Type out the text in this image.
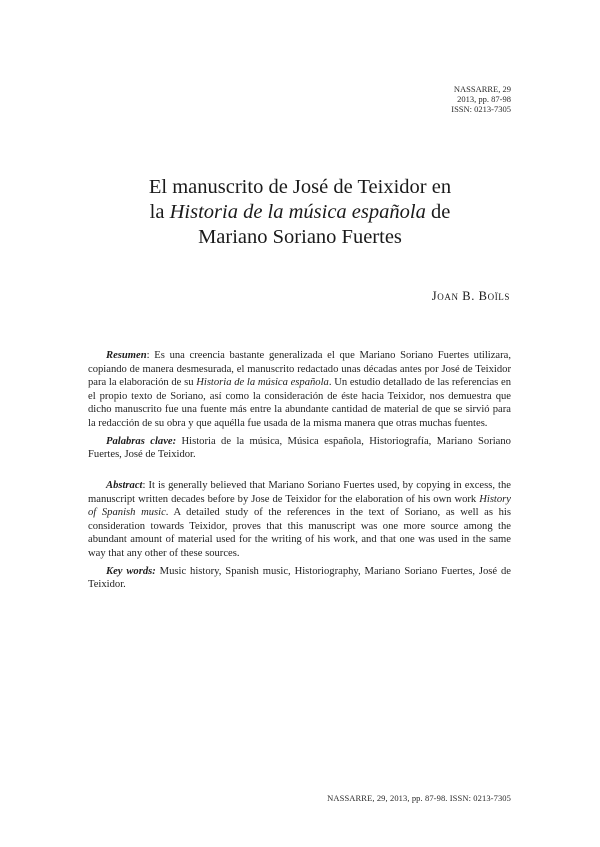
NASSARRE, 29
2013, pp. 87-98
ISSN: 0213-7305
El manuscrito de José de Teixidor en
la Historia de la música española de
Mariano Soriano Fuertes
Joan B. Boïls

Resumen: Es una creencia bastante generalizada el que Mariano Soriano Fuertes utilizara, copiando de manera desmesurada, el manuscrito redactado unas décadas antes por José de Teixidor para la elaboración de su Historia de la música española. Un estudio detallado de las referencias en el propio texto de Soriano, así como la consideración de éste hacia Teixidor, nos demuestra que dicho manuscrito fue una fuente más entre la abundante cantidad de material de que se sirvió para la redacción de su obra y que aquélla fue usada de la misma manera que otras muchas fuentes.

Palabras clave: Historia de la música, Música española, Historiografía, Mariano Soriano Fuertes, José de Teixidor.

Abstract: It is generally believed that Mariano Soriano Fuertes used, by copying in excess, the manuscript written decades before by Jose de Teixidor for the elaboration of his own work History of Spanish music. A detailed study of the references in the text of Soriano, as well as his consideration towards Teixidor, proves that this manuscript was one more source among the abundant amount of material used for the writing of his work, and that one was used in the same way that any other of these sources.

Key words: Music history, Spanish music, Historiography, Mariano Soriano Fuertes, José de Teixidor.

NASSARRE, 29, 2013, pp. 87-98. ISSN: 0213-7305
